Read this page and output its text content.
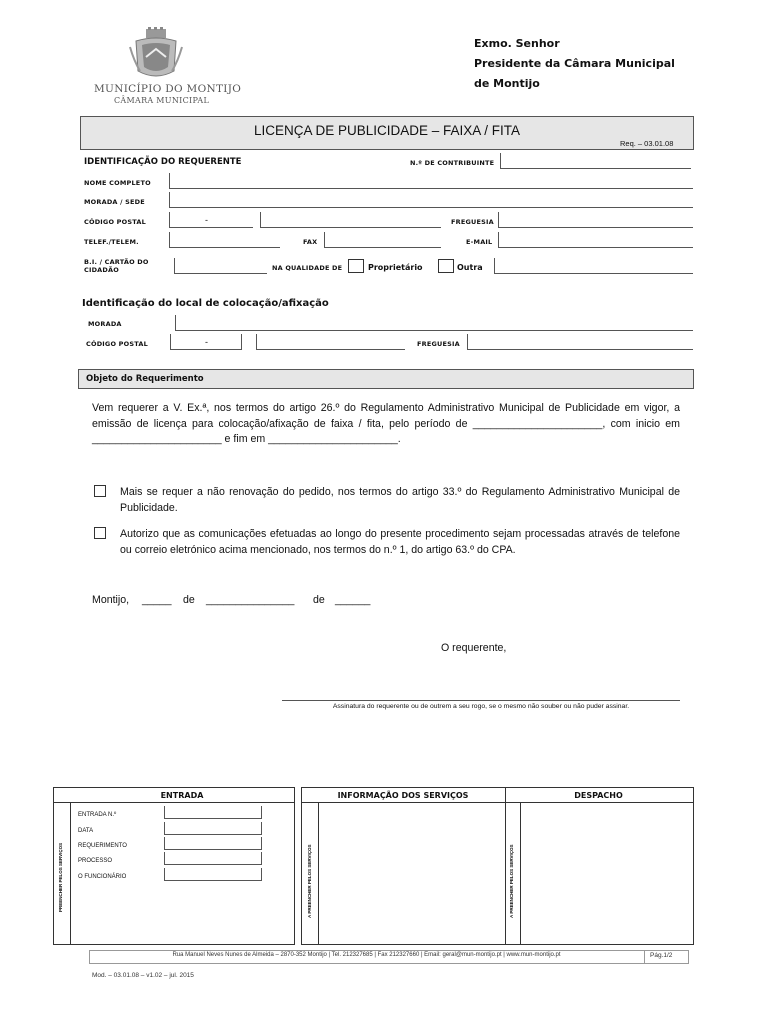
MUNICÍPIO DO MONTIJO
CÂMARA MUNICIPAL
Exmo. Senhor
Presidente da Câmara Municipal
de Montijo
LICENÇA DE PUBLICIDADE – FAIXA / FITA
Req. – 03.01.08
IDENTIFICAÇÃO DO REQUERENTE	N.º DE CONTRIBUINTE
NOME COMPLETO
MORADA / SEDE
CÓDIGO POSTAL	-	FREGUESIA
TELEF./TELEM.	FAX	E-MAIL
B.I. / CARTÃO DO CIDADÃO	NA QUALIDADE DE	Proprietário	Outra
Identificação do local de colocação/afixação
MORADA
CÓDIGO POSTAL	-	FREGUESIA
Objeto do Requerimento
Vem requerer a V. Ex.ª, nos termos do artigo 26.º do Regulamento Administrativo Municipal de Publicidade em vigor, a emissão de licença para colocação/afixação de faixa / fita, pelo período de ______________________, com inicio em ______________________ e fim em ______________________.
Mais se requer a não renovação do pedido, nos termos do artigo 33.º do Regulamento Administrativo Municipal de Publicidade.
Autorizo que as comunicações efetuadas ao longo do presente procedimento sejam processadas através de telefone ou correio eletrónico acima mencionado, nos termos do n.º 1, do artigo 63.º do CPA.
Montijo, _____ de _______________ de ______
O requerente,
Assinatura do requerente ou de outrem a seu rogo, se o mesmo não souber ou não puder assinar.
ENTRADA
PREENCHER PELOS SERVIÇOS
ENTRADA N.º
DATA
REQUERIMENTO
PROCESSO
O FUNCIONÁRIO
INFORMAÇÃO DOS SERVIÇOS	DESPACHO
A PREENCHER PELOS SERVIÇOS	A PREENCHER PELOS SERVIÇOS
Rua Manuel Neves Nunes de Almeida – 2870-352 Montijo | Tel. 212327685 | Fax 212327660 | Email: geral@mun-montijo.pt | www.mun-montijo.pt	Pág.1/2
Mod. – 03.01.08 – v1.02 – jul. 2015
